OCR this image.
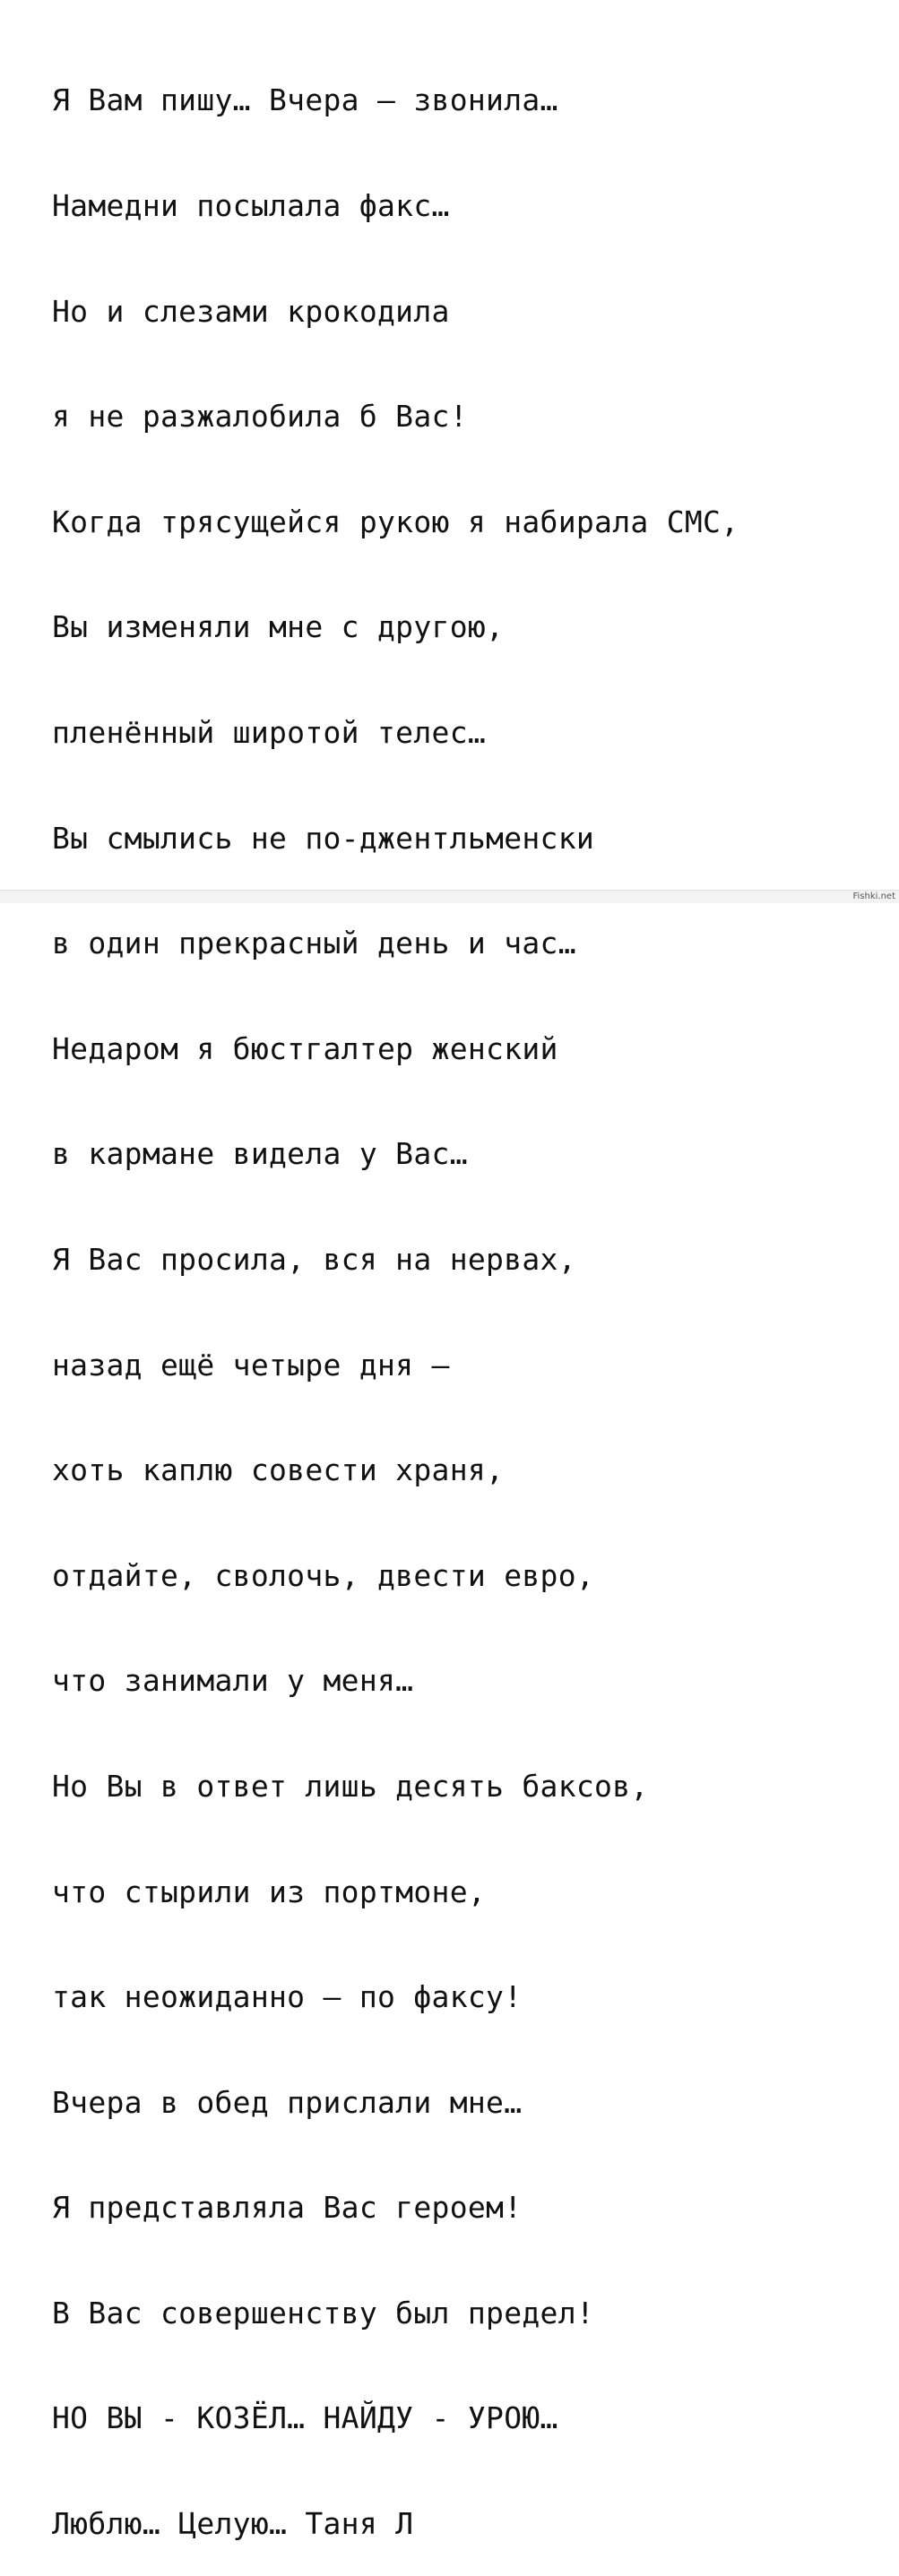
Я Вам пишу… Вчера – звонила…

Намедни посылала факс…

Но и слезами крокодила

я не разжалобила б Вас!

Когда трясущейся рукою я набирала СМС,

Вы изменяли мне с другою,

пленённый широтой телес…

Вы смылись не по-джентльменски

в один прекрасный день и час…

Недаром я бюстгалтер женский

в кармане видела у Вас…

Я Вас просила, вся на нервах,

назад ещё четыре дня –

хоть каплю совести храня,

отдайте, сволочь, двести евро,

что занимали у меня…

Но Вы в ответ лишь десять баксов,

что стырили из портмоне,

так неожиданно – по факсу!

Вчера в обед прислали мне…

Я представляла Вас героем!

В Вас совершенству был предел!

НО ВЫ - КОЗЁЛ… НАЙДУ - УРОЮ…

Люблю… Целую… Таня Л

Fishki.net
